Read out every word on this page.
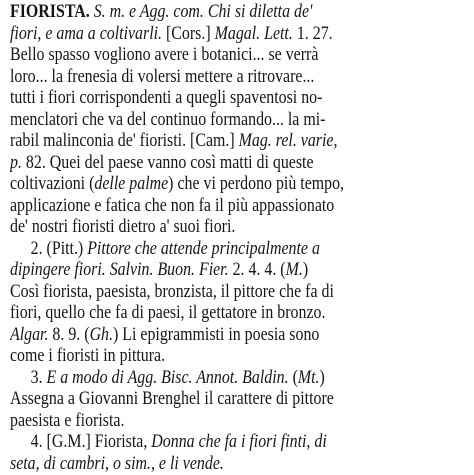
FIORISTA. S. m. e Agg. com. Chi si diletta de'
fiori, e ama a coltivarli. [Cors.] Magal. Lett. 1. 27.
Bello spasso vogliono avere i botanici... se verrà
loro... la frenesia di volersi mettere a ritrovare...
tutti i fiori corrispondenti a quegli spaventosi no-
menclatori che va del continuo formando... la mi-
rabil malinconia de' fioristi. [Cam.] Mag. rel. varie,
p. 82. Quei del paese vanno così matti di queste
coltivazioni (delle palme) che vi perdono più tempo,
applicazione e fatica che non fa il più appassionato
de' nostri fioristi dietro a' suoi fiori.
2. (Pitt.) Pittore che attende principalmente a
dipingere fiori. Salvin. Buon. Fier. 2. 4. 4. (M.)
Così fiorista, paesista, bronzista, il pittore che fa di
fiori, quello che fa di paesi, il gettatore in bronzo.
Algar. 8. 9. (Gh.) Li epigrammisti in poesia sono
come i fioristi in pittura.
3. E a modo di Agg. Bisc. Annot. Baldin. (Mt.)
Assegna a Giovanni Brenghel il carattere di pittore
paesista e fiorista.
4. [G.M.] Fiorista, Donna che fa i fiori finti, di
seta, di cambri, o sim., e li vende.
